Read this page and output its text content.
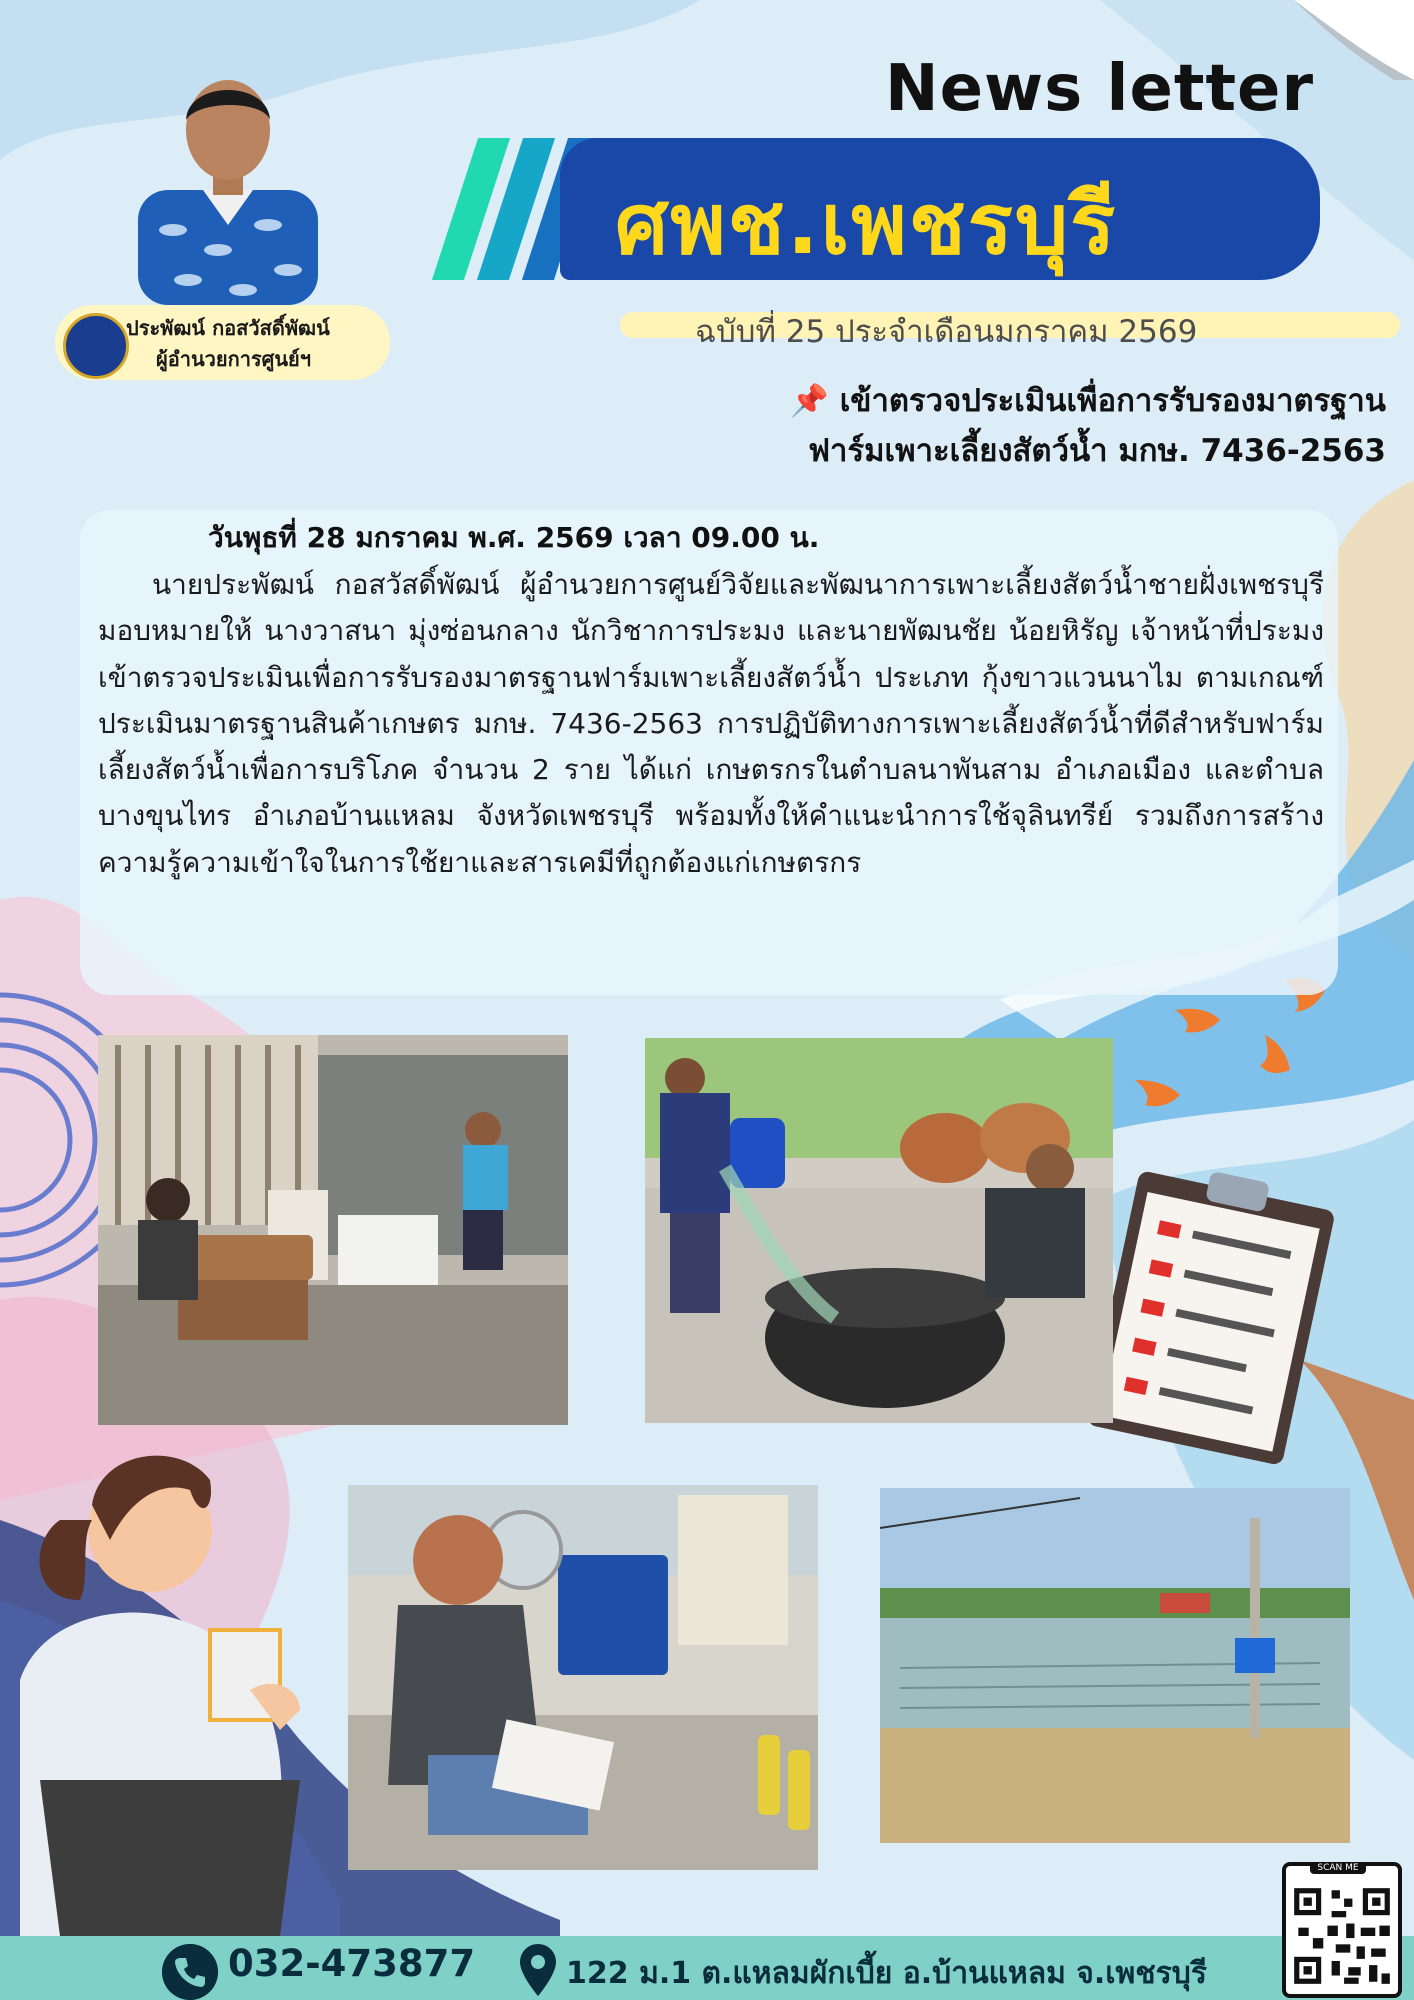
News letter
ศพช.เพชรบุรี
ฉบับที่ 25 ประจำเดือนมกราคม 2569
ประพัฒน์ กอสวัสดิ์พัฒน์
ผู้อำนวยการศูนย์ฯ
📌 เข้าตรวจประเมินเพื่อการรับรองมาตรฐาน
ฟาร์มเพาะเลี้ยงสัตว์น้ำ มกษ. 7436-2563
วันพุธที่ 28 มกราคม พ.ศ. 2569 เวลา 09.00 น.
นายประพัฒน์ กอสวัสดิ์พัฒน์ ผู้อำนวยการศูนย์วิจัยและพัฒนาการเพาะเลี้ยงสัตว์น้ำชายฝั่งเพชรบุรี มอบหมายให้ นางวาสนา มุ่งซ่อนกลาง นักวิชาการประมง และนายพัฒนชัย น้อยหิรัญ เจ้าหน้าที่ประมง เข้าตรวจประเมินเพื่อการรับรองมาตรฐานฟาร์มเพาะเลี้ยงสัตว์น้ำ ประเภท กุ้งขาวแวนนาไม ตามเกณฑ์ประเมินมาตรฐานสินค้าเกษตร มกษ. 7436-2563 การปฏิบัติทางการเพาะเลี้ยงสัตว์น้ำที่ดีสำหรับฟาร์มเลี้ยงสัตว์น้ำเพื่อการบริโภค จำนวน 2 ราย ได้แก่ เกษตรกรในตำบลนาพันสาม อำเภอเมือง และตำบลบางขุนไทร อำเภอบ้านแหลม จังหวัดเพชรบุรี พร้อมทั้งให้คำแนะนำการใช้จุลินทรีย์ รวมถึงการสร้างความรู้ความเข้าใจในการใช้ยาและสารเคมีที่ถูกต้องแก่เกษตรกร
032-473877	122 ม.1 ต.แหลมผักเบี้ย อ.บ้านแหลม จ.เพชรบุรี
SCAN ME
